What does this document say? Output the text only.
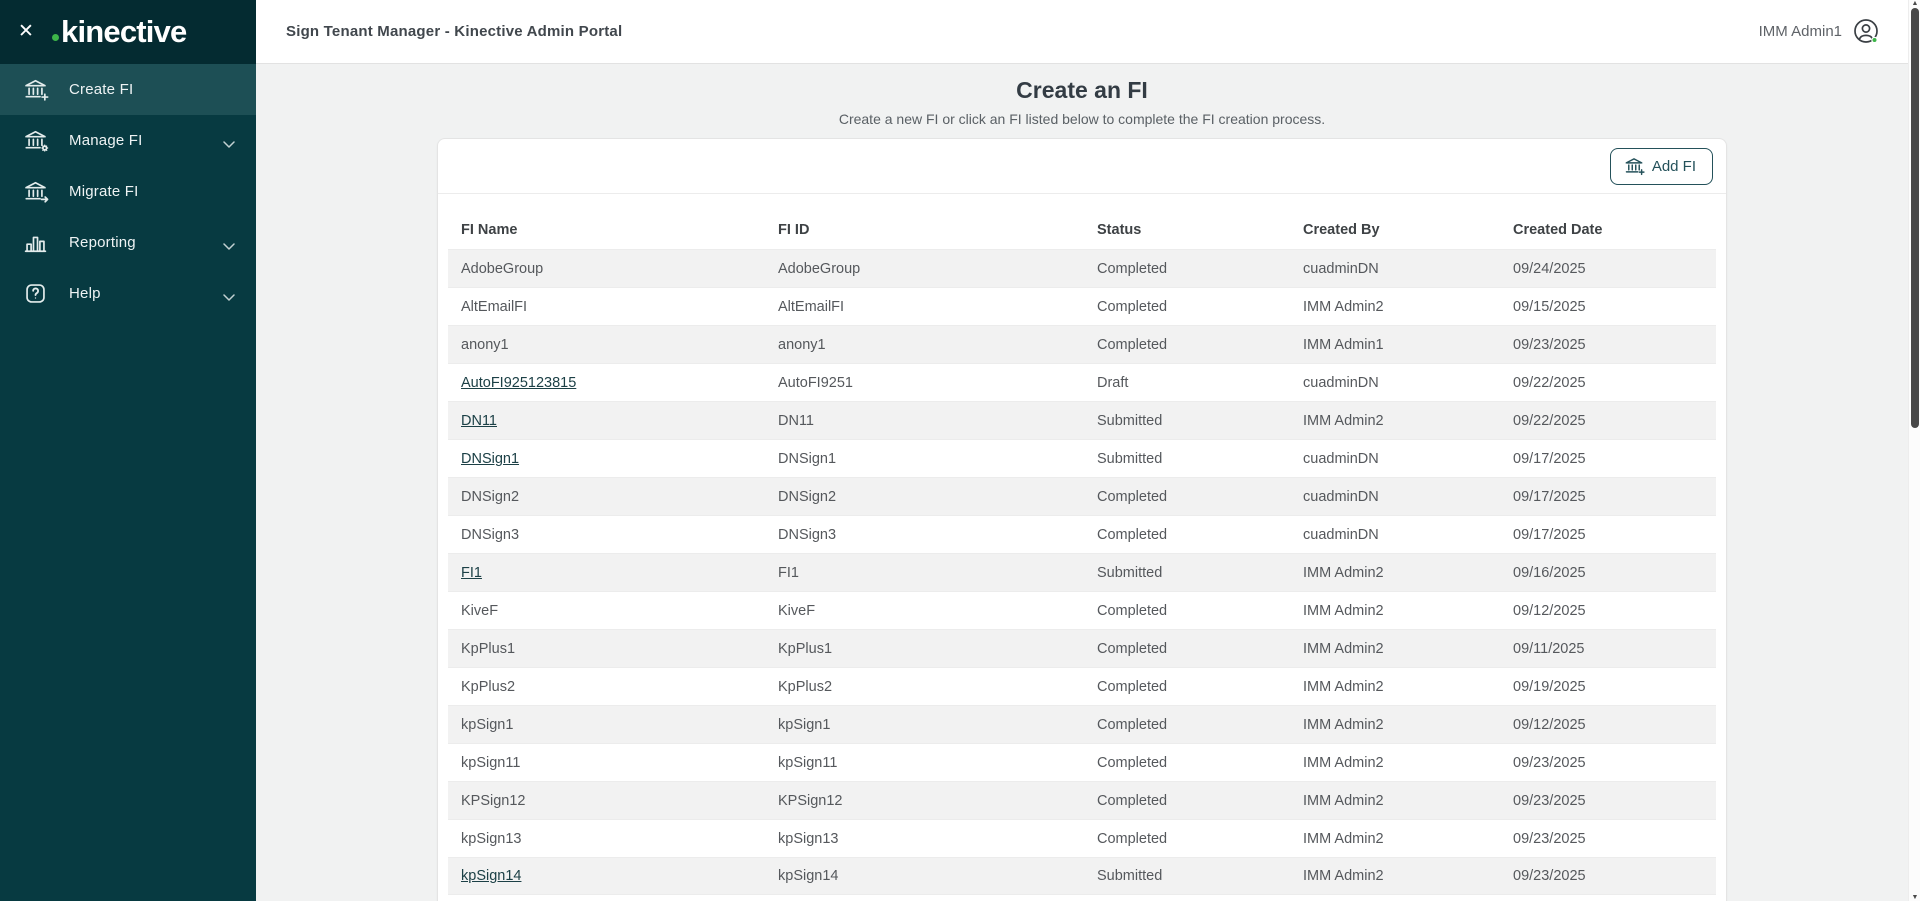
✕ kinective
Create FI
Manage FI
Migrate FI
Reporting
Help
Sign Tenant Manager - Kinective Admin Portal	IMM Admin1
Create an FI
Create a new FI or click an FI listed below to complete the FI creation process.
Add FI
FI Name	FI ID	Status	Created By	Created Date
AdobeGroup	AdobeGroup	Completed	cuadminDN	09/24/2025
AltEmailFI	AltEmailFI	Completed	IMM Admin2	09/15/2025
anony1	anony1	Completed	IMM Admin1	09/23/2025
AutoFI925123815	AutoFI9251	Draft	cuadminDN	09/22/2025
DN11	DN11	Submitted	IMM Admin2	09/22/2025
DNSign1	DNSign1	Submitted	cuadminDN	09/17/2025
DNSign2	DNSign2	Completed	cuadminDN	09/17/2025
DNSign3	DNSign3	Completed	cuadminDN	09/17/2025
FI1	FI1	Submitted	IMM Admin2	09/16/2025
KiveF	KiveF	Completed	IMM Admin2	09/12/2025
KpPlus1	KpPlus1	Completed	IMM Admin2	09/11/2025
KpPlus2	KpPlus2	Completed	IMM Admin2	09/19/2025
kpSign1	kpSign1	Completed	IMM Admin2	09/12/2025
kpSign11	kpSign11	Completed	IMM Admin2	09/23/2025
KPSign12	KPSign12	Completed	IMM Admin2	09/23/2025
kpSign13	kpSign13	Completed	IMM Admin2	09/23/2025
kpSign14	kpSign14	Submitted	IMM Admin2	09/23/2025
▲
▼
